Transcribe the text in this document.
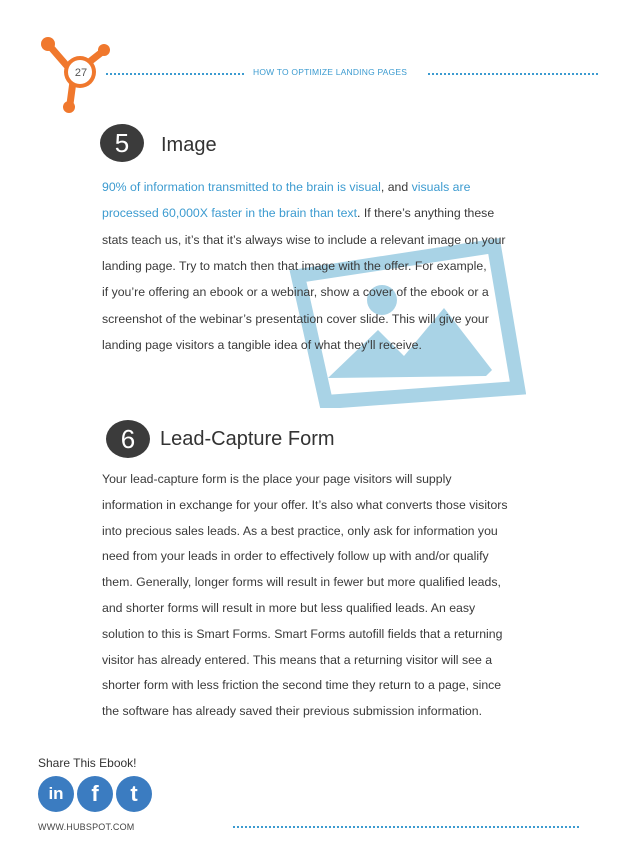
27	HOW TO OPTIMIZE LANDING PAGES
5	Image
90% of information transmitted to the brain is visual, and visuals are
processed 60,000X faster in the brain than text. If there’s anything these
stats teach us, it’s that it’s always wise to include a relevant image on your
landing page. Try to match then that image with the offer. For example,
if you’re offering an ebook or a webinar, show a cover of the ebook or a
screenshot of the webinar’s presentation cover slide. This will give your
landing page visitors a tangible idea of what they’ll receive.
6	Lead-Capture Form
Your lead-capture form is the place your page visitors will supply
information in exchange for your offer. It’s also what converts those visitors
into precious sales leads. As a best practice, only ask for information you
need from your leads in order to effectively follow up with and/or qualify
them. Generally, longer forms will result in fewer but more qualified leads,
and shorter forms will result in more but less qualified leads. An easy
solution to this is Smart Forms. Smart Forms autofill fields that a returning
visitor has already entered. This means that a returning visitor will see a
shorter form with less friction the second time they return to a page, since
the software has already saved their previous submission information.
Share This Ebook!
in	f	t
WWW.HUBSPOT.COM
